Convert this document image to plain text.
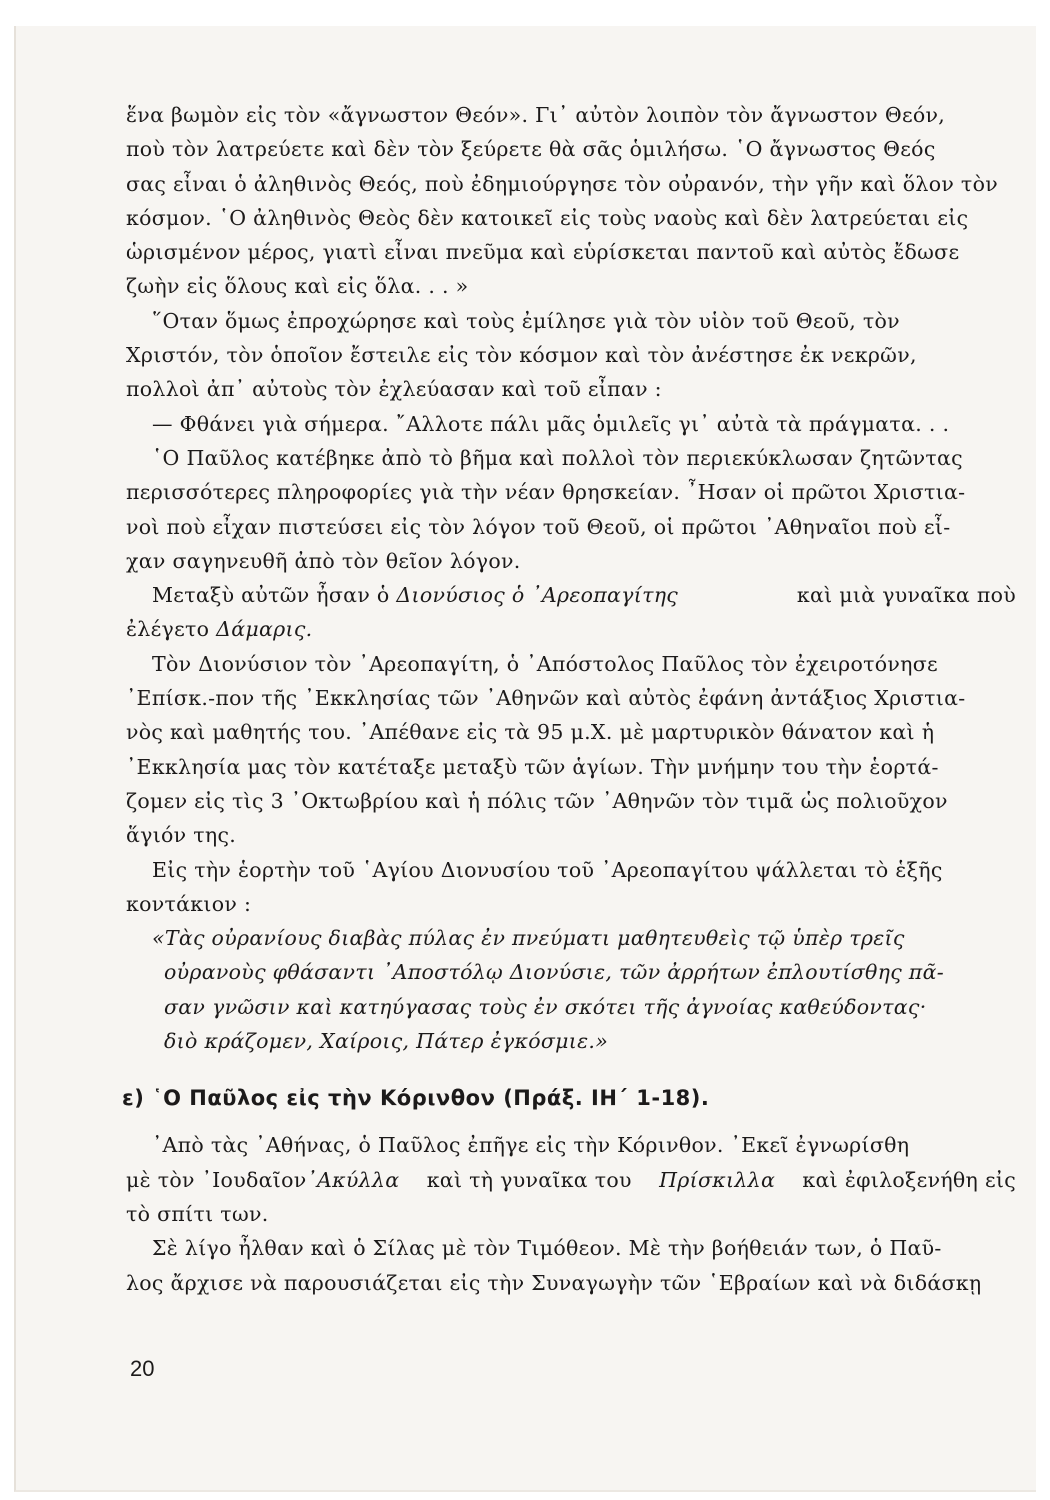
ἕνα βωμὸν εἰς τὸν «ἄγνωστον Θεόν». Γι᾽ αὐτὸν λοιπὸν τὸν ἄγνωστον Θεόν,
ποὺ τὸν λατρεύετε καὶ δὲν τὸν ξεύρετε θὰ σᾶς ὁμιλήσω. ῾Ο ἄγνωστος Θεός
σας εἶναι ὁ ἀληθινὸς Θεός, ποὺ ἐδημιούργησε τὸν οὐρανόν, τὴν γῆν καὶ ὅλον τὸν
κόσμον. ῾Ο ἀληθινὸς Θεὸς δὲν κατοικεῖ εἰς τοὺς ναοὺς καὶ δὲν λατρεύεται εἰς
ὡρισμένον μέρος, γιατὶ εἶναι πνεῦμα καὶ εὑρίσκεται παντοῦ καὶ αὐτὸς ἔδωσε
ζωὴν εἰς ὅλους καὶ εἰς ὅλα. . . »
῞Οταν ὅμως ἐπροχώρησε καὶ τοὺς ἐμίλησε γιὰ τὸν υἱὸν τοῦ Θεοῦ, τὸν
Χριστόν, τὸν ὁποῖον ἔστειλε εἰς τὸν κόσμον καὶ τὸν ἀνέστησε ἐκ νεκρῶν,
πολλοὶ ἀπ᾽ αὐτοὺς τὸν ἐχλεύασαν καὶ τοῦ εἶπαν :
— Φθάνει γιὰ σήμερα. ῎Αλλοτε πάλι μᾶς ὁμιλεῖς γι᾽ αὐτὰ τὰ πράγματα. . .
῾Ο Παῦλος κατέβηκε ἀπὸ τὸ βῆμα καὶ πολλοὶ τὸν περιεκύκλωσαν ζητῶντας
περισσότερες πληροφορίες γιὰ τὴν νέαν θρησκείαν. ῏Ησαν οἱ πρῶτοι Χριστια-
νοὶ ποὺ εἶχαν πιστεύσει εἰς τὸν λόγον τοῦ Θεοῦ, οἱ πρῶτοι ᾽Αθηναῖοι ποὺ εἶ-
χαν σαγηνευθῆ ἀπὸ τὸν θεῖον λόγον.
Μεταξὺ αὐτῶν ἦσαν ὁ Διονύσιος ὁ ᾽Αρεοπαγίτης	καὶ μιὰ γυναῖκα ποὺ
ἐλέγετο
Δάμαρις.
Τὸν Διονύσιον τὸν ᾽Αρεοπαγίτη, ὁ ᾽Απόστολος Παῦλος τὸν ἐχειροτόνησε
᾽Επίσκ.-πον τῆς ᾽Εκκλησίας τῶν ᾽Αθηνῶν καὶ αὐτὸς ἐφάνη ἀντάξιος Χριστια-
νὸς καὶ μαθητής του. ᾽Απέθανε εἰς τὰ 95 μ.Χ. μὲ μαρτυρικὸν θάνατον καὶ ἡ
᾽Εκκλησία μας τὸν κατέταξε μεταξὺ τῶν ἁγίων. Τὴν μνήμην του τὴν ἑορτά-
ζομεν εἰς τὶς 3 ᾽Οκτωβρίου καὶ ἡ πόλις τῶν ᾽Αθηνῶν τὸν τιμᾶ ὡς πολιοῦχον
ἅγιόν της.
Εἰς τὴν ἑορτὴν τοῦ ῾Αγίου Διονυσίου τοῦ ᾽Αρεοπαγίτου ψάλλεται τὸ ἑξῆς
κοντάκιον :
«Τὰς οὐρανίους διαβὰς πύλας ἐν πνεύματι μαθητευθεὶς τῷ ὑπὲρ τρεῖς
οὐρανοὺς φθάσαντι ᾽Αποστόλῳ Διονύσιε, τῶν ἀρρήτων ἐπλουτίσθης πᾶ-
σαν γνῶσιν καὶ κατηύγασας τοὺς ἐν σκότει τῆς ἀγνοίας καθεύδοντας·
διὸ κράζομεν, Χαίροις, Πάτερ ἐγκόσμιε.»
ε) ῾Ο Παῦλος εἰς τὴν Κόρινθον (Πράξ. ΙΗ´ 1-18).
᾽Απὸ τὰς ᾽Αθήνας, ὁ Παῦλος ἐπῆγε εἰς τὴν Κόρινθον. ᾽Εκεῖ ἐγνωρίσθη
μὲ τὸν ᾽Ιουδαῖον᾽Ακύλλα καὶ τὴ γυναῖκα του Πρίσκιλλα καὶ ἐφιλοξενήθη εἰς
τὸ σπίτι των.
Σὲ λίγο ἦλθαν καὶ ὁ Σίλας μὲ τὸν Τιμόθεον. Μὲ τὴν βοήθειάν των, ὁ Παῦ-
λος ἄρχισε νὰ παρουσιάζεται εἰς τὴν Συναγωγὴν τῶν ῾Εβραίων καὶ νὰ διδάσκῃ
20
